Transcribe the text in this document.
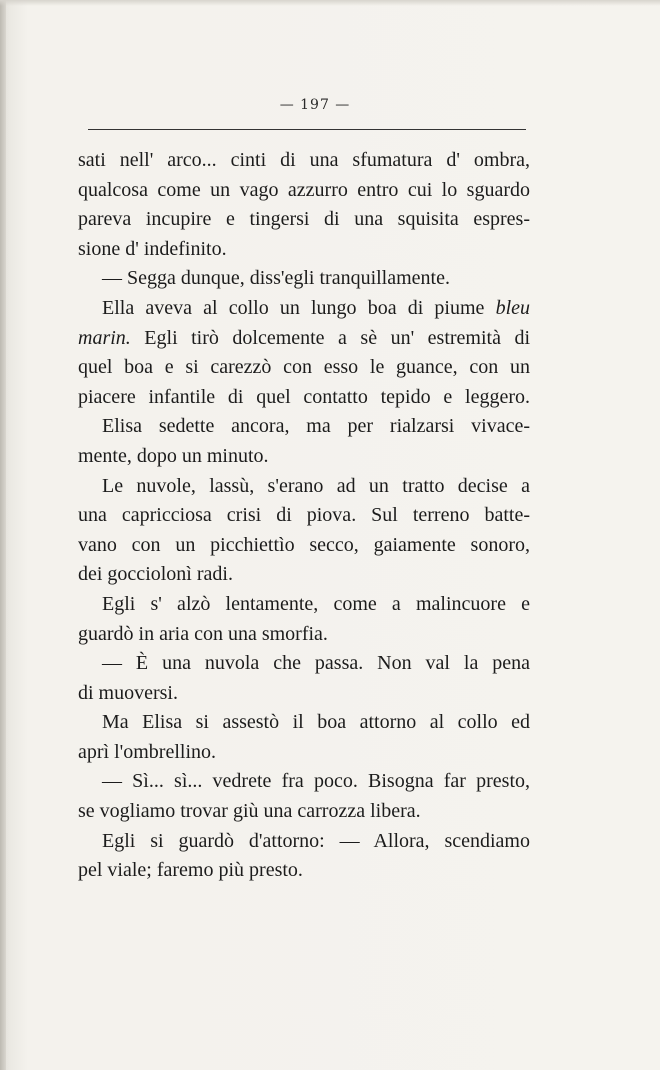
— 197 —
sati nell' arco... cinti di una sfumatura d' ombra,
qualcosa come un vago azzurro entro cui lo sguardo
pareva incupire e tingersi di una squisita espres-
sione d' indefinito.
— Segga dunque, diss'egli tranquillamente.
Ella aveva al collo un lungo boa di piume bleu
marin. Egli tirò dolcemente a sè un' estremità di
quel boa e si carezzò con esso le guance, con un
piacere infantile di quel contatto tepido e leggero.
Elisa sedette ancora, ma per rialzarsi vivace-
mente, dopo un minuto.
Le nuvole, lassù, s'erano ad un tratto decise a
una capricciosa crisi di piova. Sul terreno batte-
vano con un picchiettìo secco, gaiamente sonoro,
dei gocciolonì radi.
Egli s' alzò lentamente, come a malincuore e
guardò in aria con una smorfia.
— È una nuvola che passa. Non val la pena
di muoversi.
Ma Elisa si assestò il boa attorno al collo ed
aprì l'ombrellino.
— Sì... sì... vedrete fra poco. Bisogna far presto,
se vogliamo trovar giù una carrozza libera.
Egli si guardò d'attorno: — Allora, scendiamo
pel viale; faremo più presto.
